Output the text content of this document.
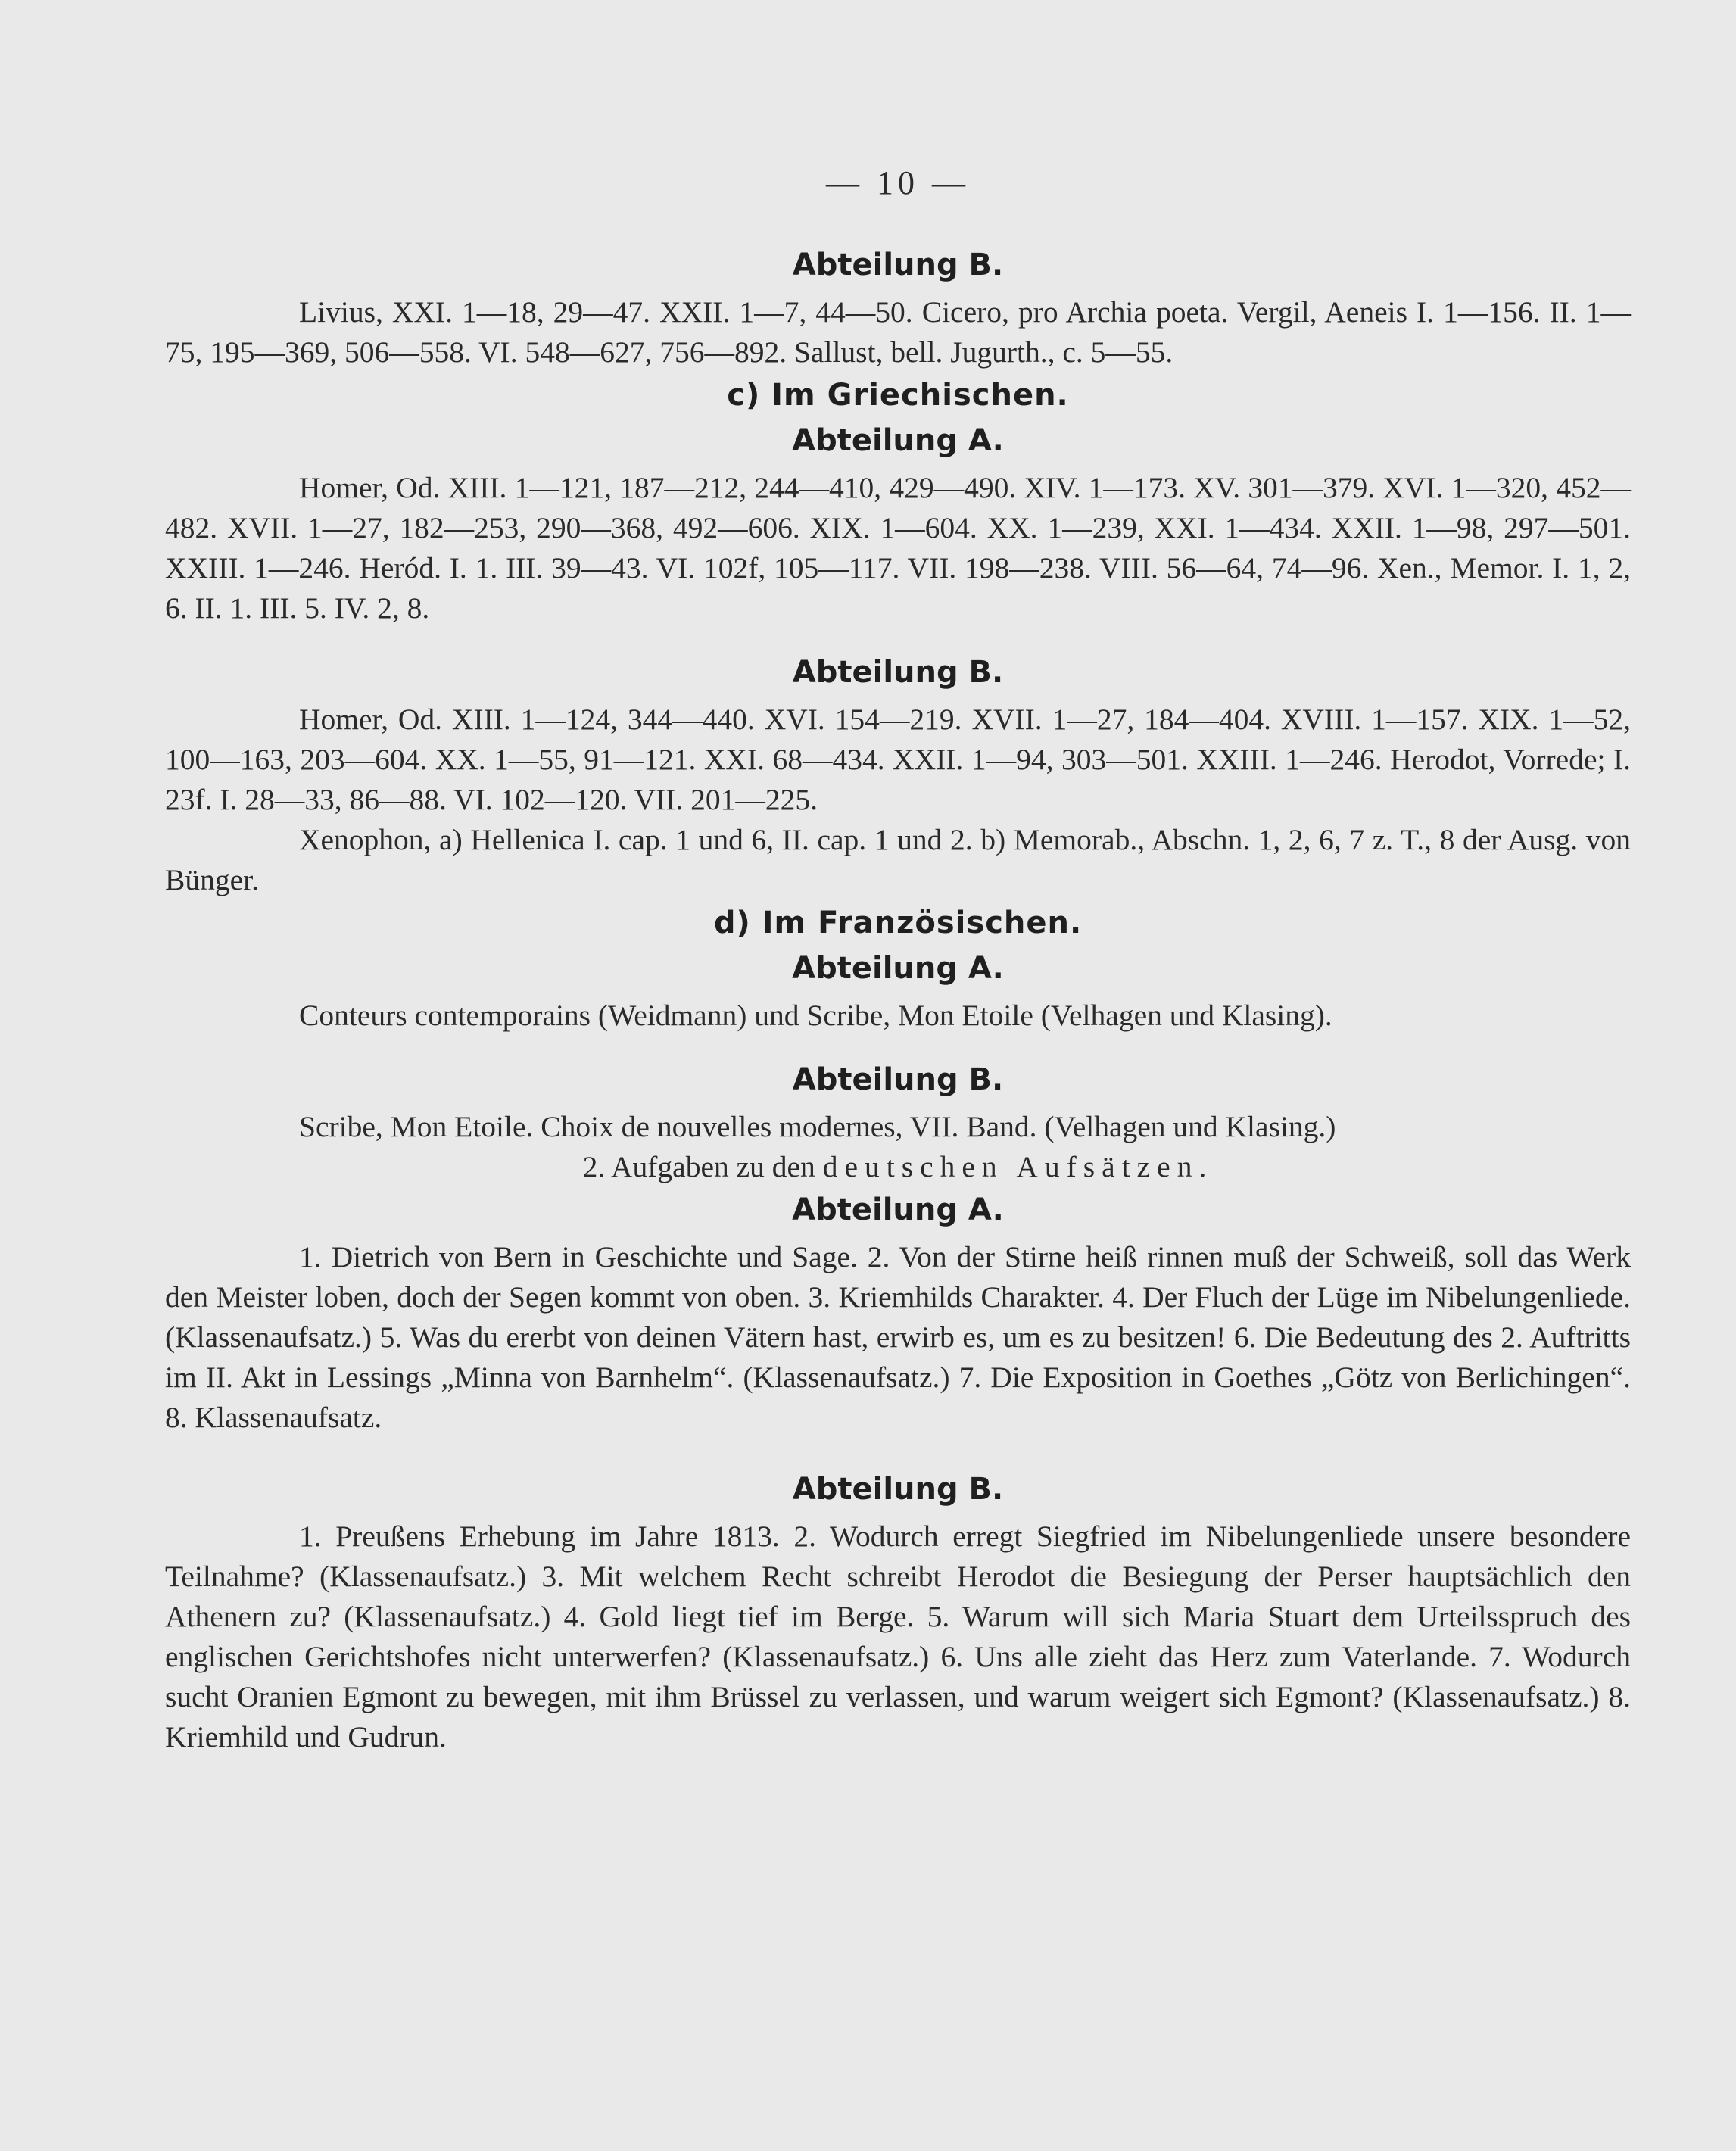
— 10 —
Abteilung B.

Livius, XXI. 1—18, 29—47. XXII. 1—7, 44—50. Cicero, pro Archia poeta. Vergil, Aeneis I. 1—156. II. 1—75, 195—369, 506—558. VI. 548—627, 756—892. Sallust, bell. Jugurth., c. 5—55.

c) Im Griechischen.
Abteilung A.

Homer, Od. XIII. 1—121, 187—212, 244—410, 429—490. XIV. 1—173. XV. 301—379. XVI. 1—320, 452—482. XVII. 1—27, 182—253, 290—368, 492—606. XIX. 1—604. XX. 1—239, XXI. 1—434. XXII. 1—98, 297—501. XXIII. 1—246. Heród. I. 1. III. 39—43. VI. 102f, 105—117. VII. 198—238. VIII. 56—64, 74—96. Xen., Memor. I. 1, 2, 6. II. 1. III. 5. IV. 2, 8.

Abteilung B.

Homer, Od. XIII. 1—124, 344—440. XVI. 154—219. XVII. 1—27, 184—404. XVIII. 1—157. XIX. 1—52, 100—163, 203—604. XX. 1—55, 91—121. XXI. 68—434. XXII. 1—94, 303—501. XXIII. 1—246. Herodot, Vorrede; I. 23f. I. 28—33, 86—88. VI. 102—120. VII. 201—225.

Xenophon, a) Hellenica I. cap. 1 und 6, II. cap. 1 und 2. b) Memorab., Abschn. 1, 2, 6, 7 z. T., 8 der Ausg. von Bünger.

d) Im Französischen.
Abteilung A.

Conteurs contemporains (Weidmann) und Scribe, Mon Etoile (Velhagen und Klasing).

Abteilung B.

Scribe, Mon Etoile. Choix de nouvelles modernes, VII. Band. (Velhagen und Klasing.)

2. Aufgaben zu den deutschen Aufsätzen.

Abteilung A.

1. Dietrich von Bern in Geschichte und Sage. 2. Von der Stirne heiß rinnen muß der Schweiß, soll das Werk den Meister loben, doch der Segen kommt von oben. 3. Kriemhilds Charakter. 4. Der Fluch der Lüge im Nibelungenliede. (Klassenaufsatz.) 5. Was du ererbt von deinen Vätern hast, erwirb es, um es zu besitzen! 6. Die Bedeutung des 2. Auftritts im II. Akt in Lessings „Minna von Barnhelm“. (Klassenaufsatz.) 7. Die Exposition in Goethes „Götz von Berlichingen“. 8. Klassenaufsatz.

Abteilung B.

1. Preußens Erhebung im Jahre 1813. 2. Wodurch erregt Siegfried im Nibelungenliede unsere besondere Teilnahme? (Klassenaufsatz.) 3. Mit welchem Recht schreibt Herodot die Besiegung der Perser hauptsächlich den Athenern zu? (Klassenaufsatz.) 4. Gold liegt tief im Berge. 5. Warum will sich Maria Stuart dem Urteilsspruch des englischen Gerichtshofes nicht unterwerfen? (Klassenaufsatz.) 6. Uns alle zieht das Herz zum Vaterlande. 7. Wodurch sucht Oranien Egmont zu bewegen, mit ihm Brüssel zu verlassen, und warum weigert sich Egmont? (Klassenaufsatz.) 8. Kriemhild und Gudrun.
